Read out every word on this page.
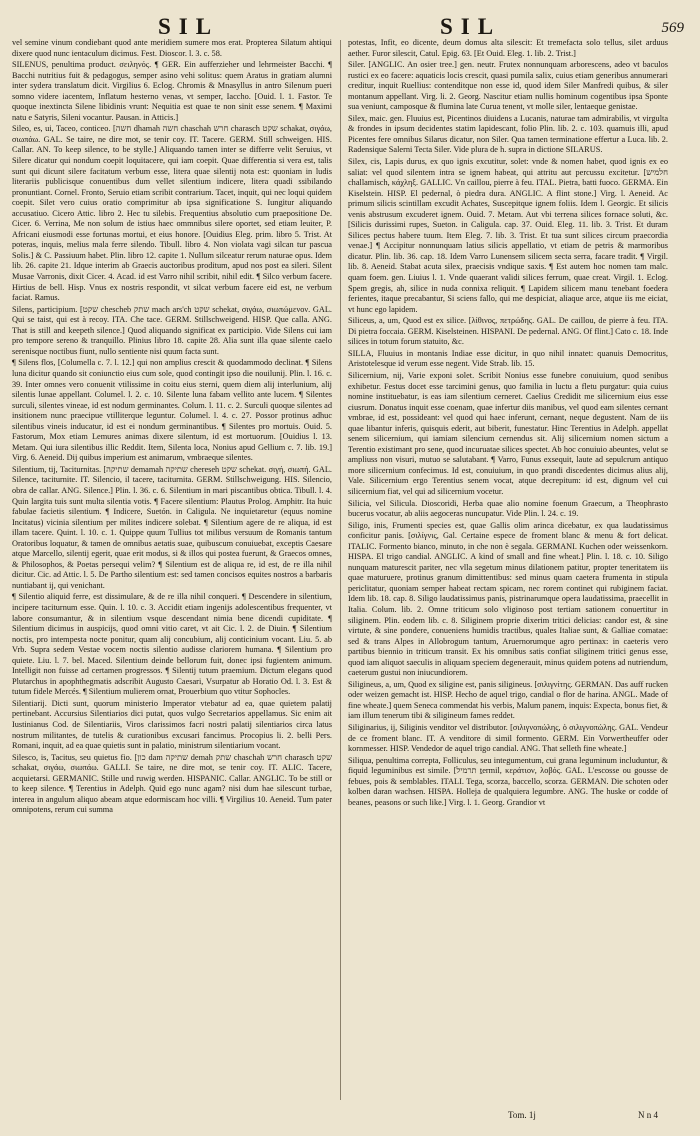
SIL	SIL	569

vel semine vinum condiebant quod ante meridiem sumere mos erat. Propterea Silatum ahtiqui dixere quod nunc ientaculum dicimus. Fest. Dioscor. l. 3. c. 58.

SILENUS, penultima product. σειληνός. ¶ GER. Ein aufferzieher und lehrmeister Bacchi. ¶ Bacchi nutritius fuit & pedagogus, semper asino vehi solitus: quem Aratus in gratiam alumni inter sydera translatum dicit. Virgilius 6. Eclog. Chromis & Mnasyllus in antro Silenum pueri somno videre iacentem, Inflatum hesterno venas, vt semper, Iaccho. [Ouid. l. 1. Fastor. Te quoque inextincta Silene libidinis vrunt: Nequitia est quae te non sinit esse senem. ¶ Maximi natu e Satyris, Sileni vocantur. Pausan. in Atticis.]

Sileo, es, ui, Taceo, conticeo. [חשה dhamah חשה chaschah חרש charasch שקט schakat, σιγάω, σιωπάω. GAL. Se taire, ne dire mot, se tenir coy. IT. Tacere. GERM. Still schweigen. HIS. Callar. AN. To keep silence, to be stylle.] Aliquando tamen inter se differre velit Seruius, vt Silere dicatur qui nondum coepit loquitacere, qui iam coepit. Quae differentia si vera est, talis sunt qui dicunt silere facitatum verbum esse, litera quae silentij nota est: quoniam in ludis literariis publicisque conuentibus dum vellet silentium indicere, litera quadi ssibilando pronuntiant. Cornel. Fronto, Seruio etiam scribit contrarium. Tacet, inquit, qui nec loqui quidem coepit. Silet vero cuius oratio comprimitur ab ipsa significatione S. Iungitur aliquando accusatiuo. Cicero Attic. libro 2. Hec tu silebis. Frequentius absolutio cum praepositione De. Cicer. 6. Verrina, Me non solum de istius haec ommnibus silere oportet, sed etiam leuiter, P. Africani eiusmodi esse fortunas mortui, et eius honore. [Ouidius Eleg. prim. libro 5. Trist. At poteras, inquis, melius mala ferre silendo. Tibull. libro 4. Non violata vagi silcan tur pascua Solis.] & C. Passiuum habet. Plin. libro 12. capite 1. Nullum silceatur rerum naturae opus. Idem lib. 26. capite 21. Idque interim ab Graecis auctoribus proditum, apud nos post ea sileri. Silent Musae Varronis, dixit Cicer. 4. Acad. id est Varro nihil scribit, nihil edit. ¶ Silco verbum facere. Hirtius de bell. Hisp. Vnus ex nostris respondit, vt silcat verbum facere eid est, ne verbum faciat. Ramus.

Silens, participium. [שקט chescheb שתק mach ars'ch שקט schekat, σιγάω, σιωπώμενον. GAL. Qui se taist, qui est à recoy. ITA. Che tace. GERM. Stillschweigend. HISP. Que calla. ANG. That is still and keepeth silence.] Quod aliquando significat ex participio. Vide Silens cui iam pro tempore sereno & tranquillo. Plinius libro 18. capite 28. Alia sunt illa quae silente caelo serenisque noctibus fiunt, nullo sentiente nisi quum facta sunt.

¶ Silens flos, [Columella c. 7. l. 12.] qui non amplius crescit & quodammodo declinat. ¶ Silens luna dicitur quando sit coniunctio eius cum sole, quod contingit ipso die nouilunij. Plin. l. 16. c. 39. Inter omnes vero conuenit vtilissime in coitu eius sterni, quem diem alij interlunium, alij silentis lunae appellant. Columel. l. 2. c. 10. Silente luna fabam vellito ante lucem. ¶ Silentes surculi, silentes vineae, id est nodum germinantes. Colum. l. 11. c. 2. Surculi quoque silentes ad insitionem nunc praecipue vtilliterque leguntur. Columel. l. 4. c. 27. Possor protinus adhuc silentibus vineis inducatur, id est ei nondum germinantibus. ¶ Silentes pro mortuis. Ouid. 5. Fastorum, Mox etiam Lemures animas dixere silentum, id est mortuorum. [Ouidius l. 13. Metam. Qui iura silentibus illic Reddit. Item, Silenta loca, Nonius apud Gellium c. 7. lib. 19.] Virg. 6. Aeneid. Dij quibus imperium est animarum, vmbraeque silentes.

Silentium, tij, Taciturnitas. [שתיקה demamah שתיקה chereseh שקט schekat. σιγή, σιωπή. GAL. Silence, taciturnite. IT. Silencio, il tacere, taciturnita. GERM. Stillschweigung. HIS. Silencio, obra de callar. ANG. Silence.] Plin. l. 36. c. 6. Silentium in mari piscantibus obtica. Tibull. l. 4. Quin largita tuis sunt multa silentia votis. ¶ Facere silentium: Plautus Prolog. Amphitr. Ita huic fabulae facietis silentium. ¶ Indicere, Suetón. in Caligula. Ne inquietaretur (equus nomine Incitatus) vicinia silentium per milites indicere solebat. ¶ Silentium agere de re aliqua, id est illam tacere. Quint. l. 10. c. 1. Quippe quum Tullius tot milibus versuum de Romanis tantum Oratoribus loquatur, & tamen de omnibus aetatis suae, quibuscum conuiuebat, exceptis Caesare atque Marcello, silentij egerit, quae erit modus, si & illos qui postea fuerunt, & Graecos omnes, & Philosophos, & Poetas persequi velim? ¶ Silentium est de aliqua re, id est, de re illa nihil dicitur. Cic. ad Attic. l. 5. De Partho silentium est: sed tamen concisos equites nostros a barbaris nuntiabant ij, qui venichant.

¶ Silentio aliquid ferre, est dissimulare, & de re illa nihil conqueri. ¶ Descendere in silentium, incipere taciturnum esse. Quin. l. 10. c. 3. Accidit etiam ingenijs adolescentibus frequenter, vt labore consumantur, & in silentium vsque descendant nimia bene dicendi cupiditate. ¶ Silentium dicimus in auspicijs, quod omni vitio caret, vt ait Cic. l. 2. de Diuin. ¶ Silentium noctis, pro intempesta nocte ponitur, quam alij concubium, alij conticinium vocant. Liu. 5. ab Vrb. Supra sedem Vestae vocem noctis silentio audisse clariorem humana. ¶ Silentium pro quiete. Liu. l. 7. bel. Maced. Silentium deinde bellorum fuit, donec ipsi fugientem animum. Intelligit non fuisse ad certamen progressos. ¶ Silentij tutum praemium. Dictum elegans quod Plutarchus in apophthegmatis adscribit Augusto Caesari, Vsurpatur ab Horatio Od. l. 3. Est & tutum fidele Mercés. ¶ Silentium mulierem ornat, Prouerbium quo vtitur Sophocles.

Silentiarij. Dicti sunt, quorum ministerio Imperator vtebatur ad ea, quae quietem palatij pertinebant. Accursius Silentiarios dici putat, quos vulgo Secretarios appellamus. Sic enim ait Iustinianus Cod. de Silentiariis, Viros clarissimos facri nostri palatij silentiarios circa latus nostrum militantes, de tutelis & curationibus excusari fancimus. Procopius li. 2. belli Pers. Romani, inquit, ad ea quae quietis sunt in palatio, ministrum silentiarium vocant.

Silesco, is, Tacitus, seu quietus fio. [כון dam שתיקה demah שתק chaschah חרש charasch שקט schakat, σιγάω, σιωπάω. GALLI. Se taire, ne dire mot, se tenir coy. IT. ALIC. Tacere, acquietarsi. GERMANIC. Stille und ruwig werden. HISPANIC. Callar. ANGLIC. To be still or to keep silence. ¶ Terentius in Adelph. Quid ego nunc agam? nisi dum hae silescunt turbae, interea in angulum aliquo abeam atque edormiscam hoc villi. ¶ Virgilius 10. Aeneid. Tum pater omnipotens, rerum cui summa

potestas, Infit, eo dicente, deum domus alta silescit: Et tremefacta solo tellus, silet arduus aether. Furor silescit, Catul. Epig. 63. [Et Ouid. Eleg. 1. lib. 2. Trist.]

Siler. [ANGLIC. An osier tree.] gen. neutr. Frutex nonnunquam arborescens, adeo vt baculos rustici ex eo facere: aquaticis locis crescit, quasi pumila salix, cuius etiam generibus annumerari creditur, inquit Ruellius: contenditque non esse id, quod idem Siler Manfredi quibus, & siler montanum appellant. Virg. li. 2. Georg. Nascitur etiam nullis hominum cogentibus ipsa Sponte sua veniunt, camposque & flumina late Curua tenent, vt molle siler, lentaeque genistae.

Silex, maic. gen. Fluuius est, Picentinos diuidens a Lucanis, naturae tam admirabilis, vt virgulta & frondes in ipsum decidentes statim lapidescant, folio Plin. lib. 2. c. 103. quamuis illi, apud Picentes fere omnibus Silarus dicatur, non Siler. Qua tamen terminatione effertur a Luca. lib. 2. Radensique Salerni Tecta Siler. Vide plura de h. supra in dictione SILARUS.

Silex, cis, Lapis durus, ex quo ignis excutitur, solet: vnde & nomen habet, quod ignis ex eo saliat: vel quod silentem intra se ignem habeat, qui attritu aut percussu excitetur. [חלמיש challamisch, κάχληξ. GALLIC. Vn caillou, pierre à feu. ITAL. Pietra, batti fuoco. GERMA. Ein Kiselstein. HISP. El pedernal, ò piedra dura. ANGLIC. A flint stone.] Virg. l. Aeneid. Ac primum silicis scintillam excudit Achates, Suscepitque ignem foliis. Idem l. Georgic. Et silicis venis abstrusum excuderet ignem. Ouid. 7. Metam. Aut vbi terrena silices fornace soluti, &c. [Silicis durissimi rupes, Sueton. in Caligula. cap. 37. Ouid. Eleg. 11. lib. 3. Trist. Et duram Silices pectus habere tuum. Item Eleg. 7. lib. 3. Trist. Et tua sunt silices circum praecordia venae.] ¶ Accipitur nonnunquam latius silicis appellatio, vt etiam de petris & marmoribus dicatur. Plin. lib. 36. cap. 18. Idem Varro Lunensem silicem secta serra, facare tradit. ¶ Virgil. lib. 8. Aeneid. Stabat acuta silex, praecisis vndique saxis. ¶ Est autem hoc nomen tam malc. quam foem. gen. Liuius l. 1. Vnde quaerant validi silices ferrum, quae creat. Virgil. 1. Eclog. Spem gregis, ah, silice in nuda connixa reliquit. ¶ Lapidem silicem manu tenebant foedera ferientes, itaque precabantur, Si sciens fallo, qui me despiciat, aliaque arce, atque iis me eiciat, vt hunc ego lapidem.

Siliceus, a, um, Quod est ex silice. [λίθινος, πετρώδης. GAL. De caillou, de pierre à feu. ITA. Di pietra foccaia. GERM. Kiselsteinen. HISPANI. De pedernal. ANG. Of flint.] Cato c. 18. Inde silices in totum forum statuito, &c.

SILLA, Fluuius in montanis Indiae esse dicitur, in quo nihil innatet: quanuis Democritus, Aristotelesque id verum esse negent. Vide Strab. lib. 15.

Silicernium, nij, Varie exponi solet. Scribit Nonius esse funebre conuiuium, quod senibus exhibetur. Festus docet esse tarcimini genus, quo familia in luctu a fletu purgatur: quia cuius nomine instituebatur, is eas iam silentium cerneret. Caelius Credidit me silicernium eius esse ciusrum. Donatus inquit esse coenam, quae infertur diis manibus, vel quod eam silentes cernant vmbrae, id est, possideant: vel quod qui haec inferunt, cernant, neque degustent. Nam de iis quae libantur inferis, quisquis ederit, aut biberit, funestatur. Hinc Terentius in Adelph. appellat senem silicernium, qui iamiam silencium cernendus sit. Alij silicernium nomen sictum a Terentio existimant pro sene, quod incuruatae silices spectet. Ab hoc conuiuio abeuntes, velut se ampliuss non visuri, mutuo se salutabant. ¶ Varro, Funus exsequit, laute ad sepulcrum antiquo more silicernium confecimus. Id est, conuiuium, in quo prandi discedentes dicimus alius alij, Vale. Silicernium ergo Terentius senem vocat, atque decrepitum: id est, dignum vel cui silicernium fiat, vel qui ad silicernium vocetur.

Silicia, vel Silicula. Dioscoridi, Herba quae alio nomine foenum Graecum, a Theophrasto bucerus vocatur, ab aliis aegoceras nuncupatur. Vide Plin. l. 24. c. 19.

Siligo, inis, Frumenti species est, quae Gallis olim arinca dicebatur, ex qua laudatissimus conficitur panis. [σιλίγνις, Gal. Certaine espece de froment blanc & menu & fort delicat. ITALIC. Formento bianco, minuto, in che non è segala. GERMANI. Kuchen oder weissenkorn. HISPA. El trigo candial. ANGLIC. A kind of small and fine wheat.] Plin. l. 18. c. 10. Siligo nunquam maturescit pariter, nec vlla segetum minus dilationem patitur, propter teneritatem iis quae maturuere, protinus granum dimittentibus: sed minus quam caetera frumenta in stipula periclitatur, quoniam semper habeat rectam spicam, nec rorem continet qui rubiginem faciat. Idem lib. 18. cap. 8. Siligo laudatissimus panis, pistrinarumque opera laudatissima, praecellit in Italia. Colum. lib. 2. Omne triticum solo vliginoso post tertiam sationem conuertitur in siliginem. Plin. eodem lib. c. 8. Siliginem proprie dixerim tritici delicias: candor est, & sine virtute, & sine pondere, conueniens humidis tractibus, quales Italiae sunt, & Galliae comatae: sed & trans Alpes in Allobrogum tantum, Aruernorumque agro pertinax: in caeteris vero partibus biennio in triticum transit. Ex his omnibus satis confiat siliginem tritici genus esse, quod iam aliquot saeculis in aliquam speciem degenerauit, minus quidem potens ad nutriendum, caeterum gustui non iniucundiorem.

Siligineus, a, um, Quod ex siligine est, panis siligineus. [σιλιγνίτης. GERMAN. Das auff rucken oder weizen gemacht ist. HISP. Hecho de aquel trigo, candial o flor de harina. ANGL. Made of fine wheate.] quem Seneca commendat his verbis, Malum panem, inquis: Expecta, bonus fiet, & iam illum tenerum tibi & siligineum fames reddet.

Siliginarius, ij, Siliginis venditor vel distributor. [σιλιγνοπώλης, ὁ σιλιγνοπώλης. GAL. Vendeur de ce froment blanc. IT. A venditore di simil formento. GERM. Ein Vorwertheuffer oder kornmesser. HISP. Vendedor de aquel trigo candial. ANG. That selleth fine wheate.]

Siliqua, penultima correpta, Folliculus, seu integumentum, cui grana leguminum includuntur, & fiquid leguminibus est simile. [תרמיל ṯermil, κεράτιον, λοβός. GAL. L'escosse ou gousse de febues, pois & semblables. ITALI. Tega, scorza, baccello, scorza. GERMAN. Die schoten oder kolben daran wachsen. HISPA. Holleja de qualquiera legumbre. ANG. The huske or codde of beanes, peasons or such like.] Virg. l. 1. Georg. Grandior vt

Tom. 1j	N n 4
